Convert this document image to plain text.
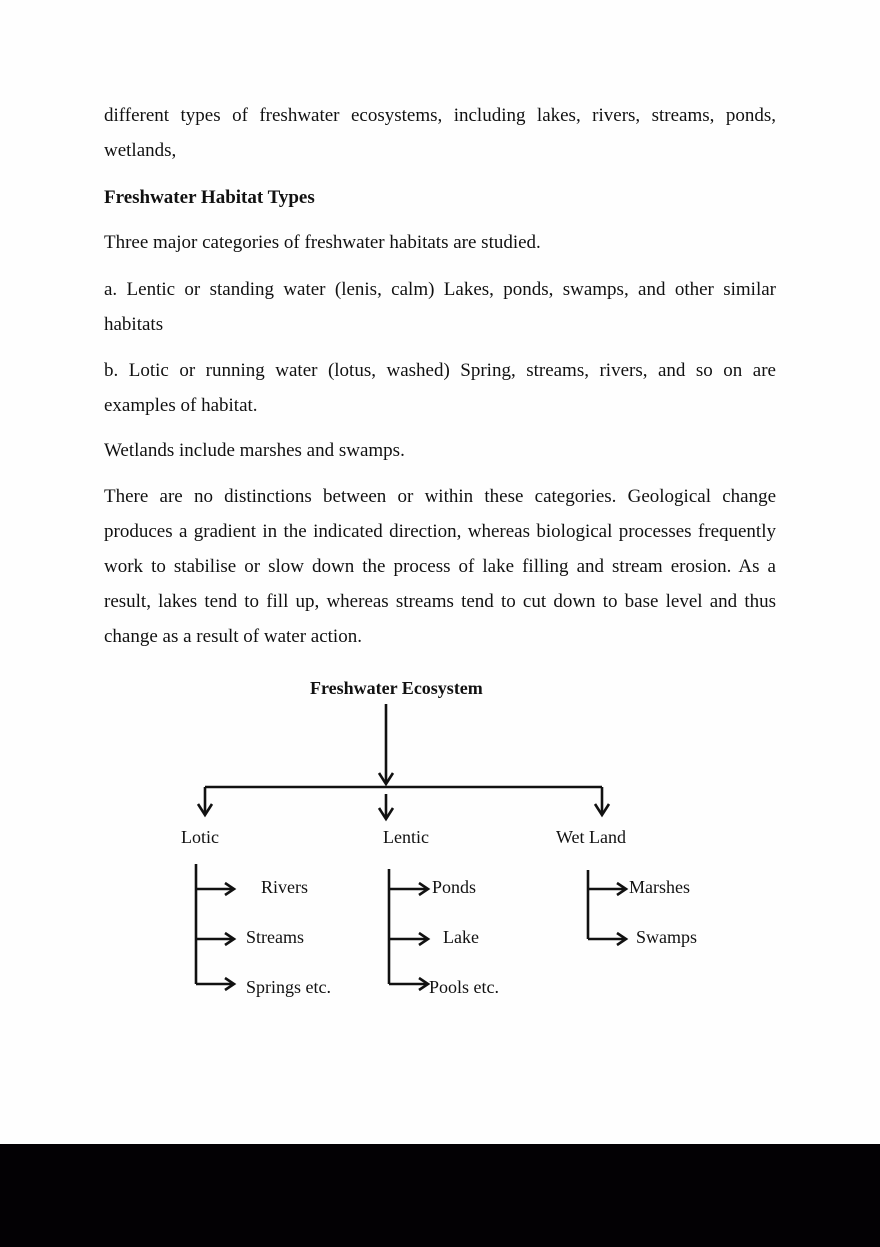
different types of freshwater ecosystems, including lakes, rivers, streams, ponds, wetlands,

Freshwater Habitat Types

Three major categories of freshwater habitats are studied.

a. Lentic or standing water (lenis, calm) Lakes, ponds, swamps, and other similar habitats

b. Lotic or running water (lotus, washed) Spring, streams, rivers, and so on are examples of habitat.

Wetlands include marshes and swamps.

There are no distinctions between or within these categories. Geological change produces a gradient in the indicated direction, whereas biological processes frequently work to stabilise or slow down the process of lake filling and stream erosion. As a result, lakes tend to fill up, whereas streams tend to cut down to base level and thus change as a result of water action.

Freshwater Ecosystem
Lotic	Lentic	Wet Land
Rivers
Streams
Springs etc.
Ponds
Lake
Pools etc.
Marshes
Swamps
